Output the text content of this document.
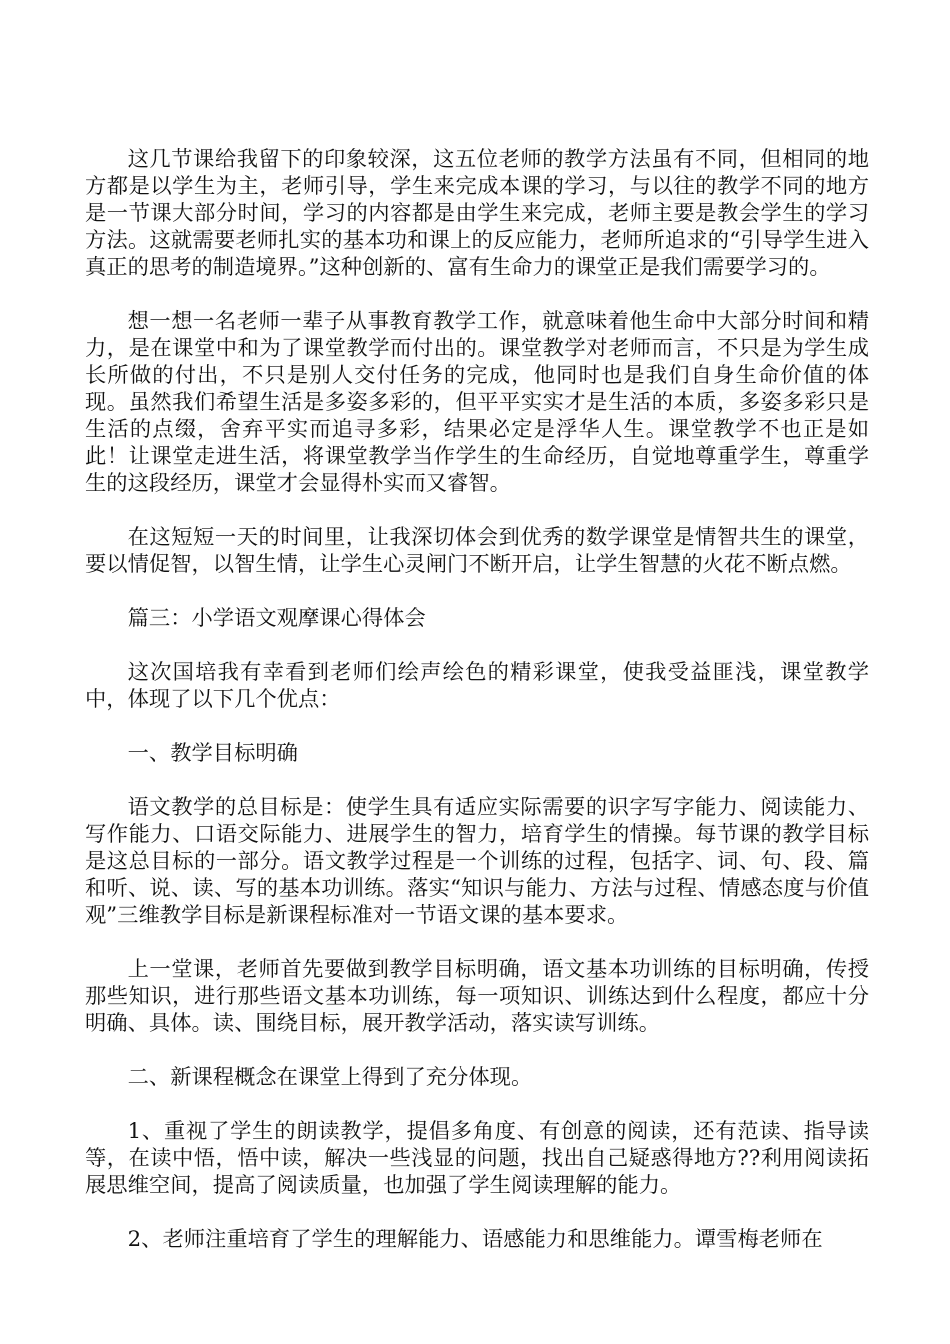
这几节课给我留下的印象较深，这五位老师的教学方法虽有不同，但相同的地方都是以学生为主，老师引导，学生来完成本课的学习，与以往的教学不同的地方是一节课大部分时间，学习的内容都是由学生来完成，老师主要是教会学生的学习方法。这就需要老师扎实的基本功和课上的反应能力，老师所追求的“引导学生进入真正的思考的制造境界。”这种创新的、富有生命力的课堂正是我们需要学习的。

想一想一名老师一辈子从事教育教学工作，就意味着他生命中大部分时间和精力，是在课堂中和为了课堂教学而付出的。课堂教学对老师而言，不只是为学生成长所做的付出，不只是别人交付任务的完成，他同时也是我们自身生命价值的体现。虽然我们希望生活是多姿多彩的，但平平实实才是生活的本质，多姿多彩只是生活的点缀，舍弃平实而追寻多彩，结果必定是浮华人生。课堂教学不也正是如此！让课堂走进生活，将课堂教学当作学生的生命经历，自觉地尊重学生，尊重学生的这段经历，课堂才会显得朴实而又睿智。

在这短短一天的时间里，让我深切体会到优秀的数学课堂是情智共生的课堂，要以情促智，以智生情，让学生心灵闸门不断开启，让学生智慧的火花不断点燃。

篇三：小学语文观摩课心得体会

这次国培我有幸看到老师们绘声绘色的精彩课堂，使我受益匪浅，课堂教学中，体现了以下几个优点：

一、教学目标明确

语文教学的总目标是：使学生具有适应实际需要的识字写字能力、阅读能力、写作能力、口语交际能力、进展学生的智力，培育学生的情操。每节课的教学目标是这总目标的一部分。语文教学过程是一个训练的过程，包括字、词、句、段、篇和听、说、读、写的基本功训练。落实“知识与能力、方法与过程、情感态度与价值观”三维教学目标是新课程标准对一节语文课的基本要求。

上一堂课，老师首先要做到教学目标明确，语文基本功训练的目标明确，传授那些知识，进行那些语文基本功训练，每一项知识、训练达到什么程度，都应十分明确、具体。读、围绕目标，展开教学活动，落实读写训练。

二、新课程概念在课堂上得到了充分体现。

1、重视了学生的朗读教学，提倡多角度、有创意的阅读，还有范读、指导读等，在读中悟，悟中读，解决一些浅显的问题，找出自己疑惑得地方??利用阅读拓展思维空间，提高了阅读质量，也加强了学生阅读理解的能力。

2、老师注重培育了学生的理解能力、语感能力和思维能力。谭雪梅老师在
